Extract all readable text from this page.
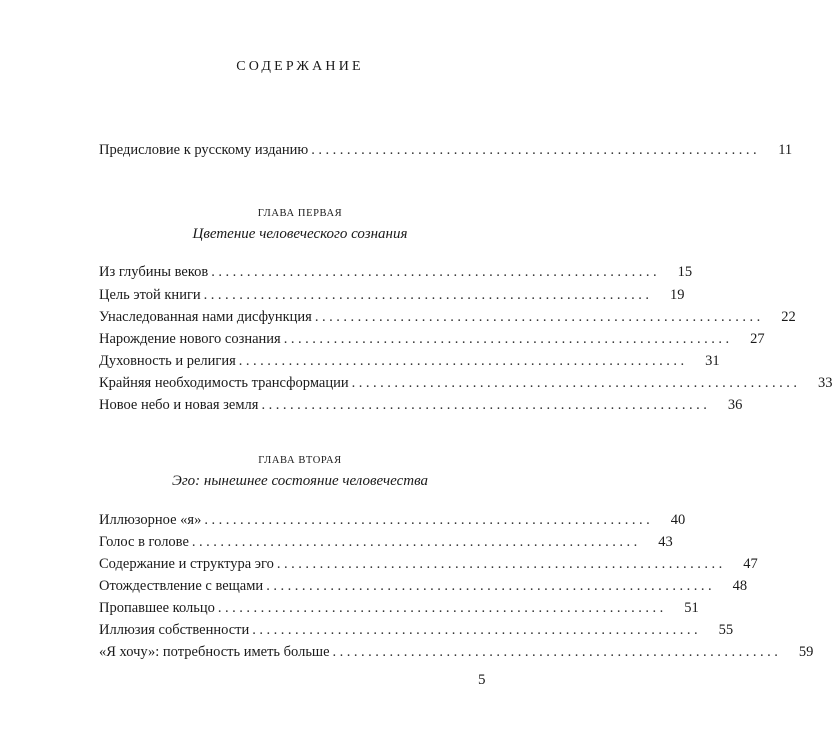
СОДЕРЖАНИЕ
Предисловие к русскому изданию ...............................................................	11
ГЛАВА ПЕРВАЯ
Цветение человеческого сознания
Из глубины веков ...............................................................	15
Цель этой книги ...............................................................	19
Унаследованная нами дисфункция ...............................................................	22
Нарождение нового сознания ...............................................................	27
Духовность и религия ...............................................................	31
Крайняя необходимость трансформации ...............................................................	33
Новое небо и новая земля ...............................................................	36
ГЛАВА ВТОРАЯ
Эго: нынешнее состояние человечества
Иллюзорное «я» ...............................................................	40
Голос в голове ...............................................................	43
Содержание и структура эго ...............................................................	47
Отождествление с вещами ...............................................................	48
Пропавшее кольцо ...............................................................	51
Иллюзия собственности ...............................................................	55
«Я хочу»: потребность иметь больше ...............................................................	59
5
